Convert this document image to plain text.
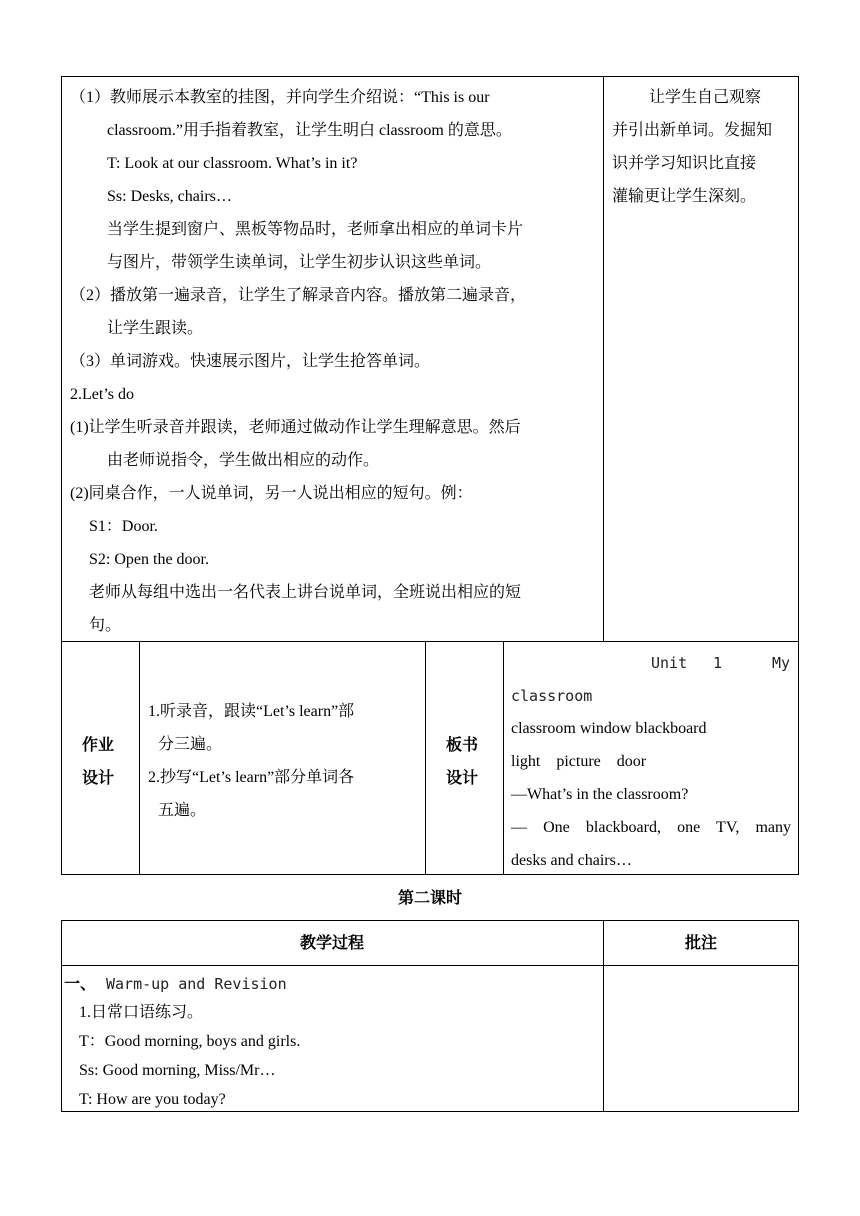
（1）教师展示本教室的挂图，并向学生介绍说：“This is our
classroom.”用手指着教室，让学生明白 classroom 的意思。
T: Look at our classroom. What’s in it?
Ss: Desks, chairs…
当学生提到窗户、黑板等物品时，老师拿出相应的单词卡片
与图片，带领学生读单词，让学生初步认识这些单词。
（2）播放第一遍录音，让学生了解录音内容。播放第二遍录音，
让学生跟读。
（3）单词游戏。快速展示图片，让学生抢答单词。
2.Let’s do
(1)让学生听录音并跟读，老师通过做动作让学生理解意思。然后
由老师说指令，学生做出相应的动作。
(2)同桌合作，一人说单词，另一人说出相应的短句。例：
S1：Door.
S2: Open the door.
老师从每组中选出一名代表上讲台说单词，全班说出相应的短
句。
让学生自己观察
并引出新单词。发掘知
识并学习知识比直接
灌输更让学生深刻。
作业
设计
1.听录音，跟读“Let’s learn”部
分三遍。
2.抄写“Let’s learn”部分单词各
五遍。
板书
设计
Unit 1	My
classroom
classroom window blackboard
light    picture    door
—What’s in the classroom?
— One blackboard, one TV, many
desks and chairs…
第二课时
教学过程	批注
一、 Warm-up and Revision
1.日常口语练习。
T：Good morning, boys and girls.
Ss: Good morning, Miss/Mr…
T: How are you today?
